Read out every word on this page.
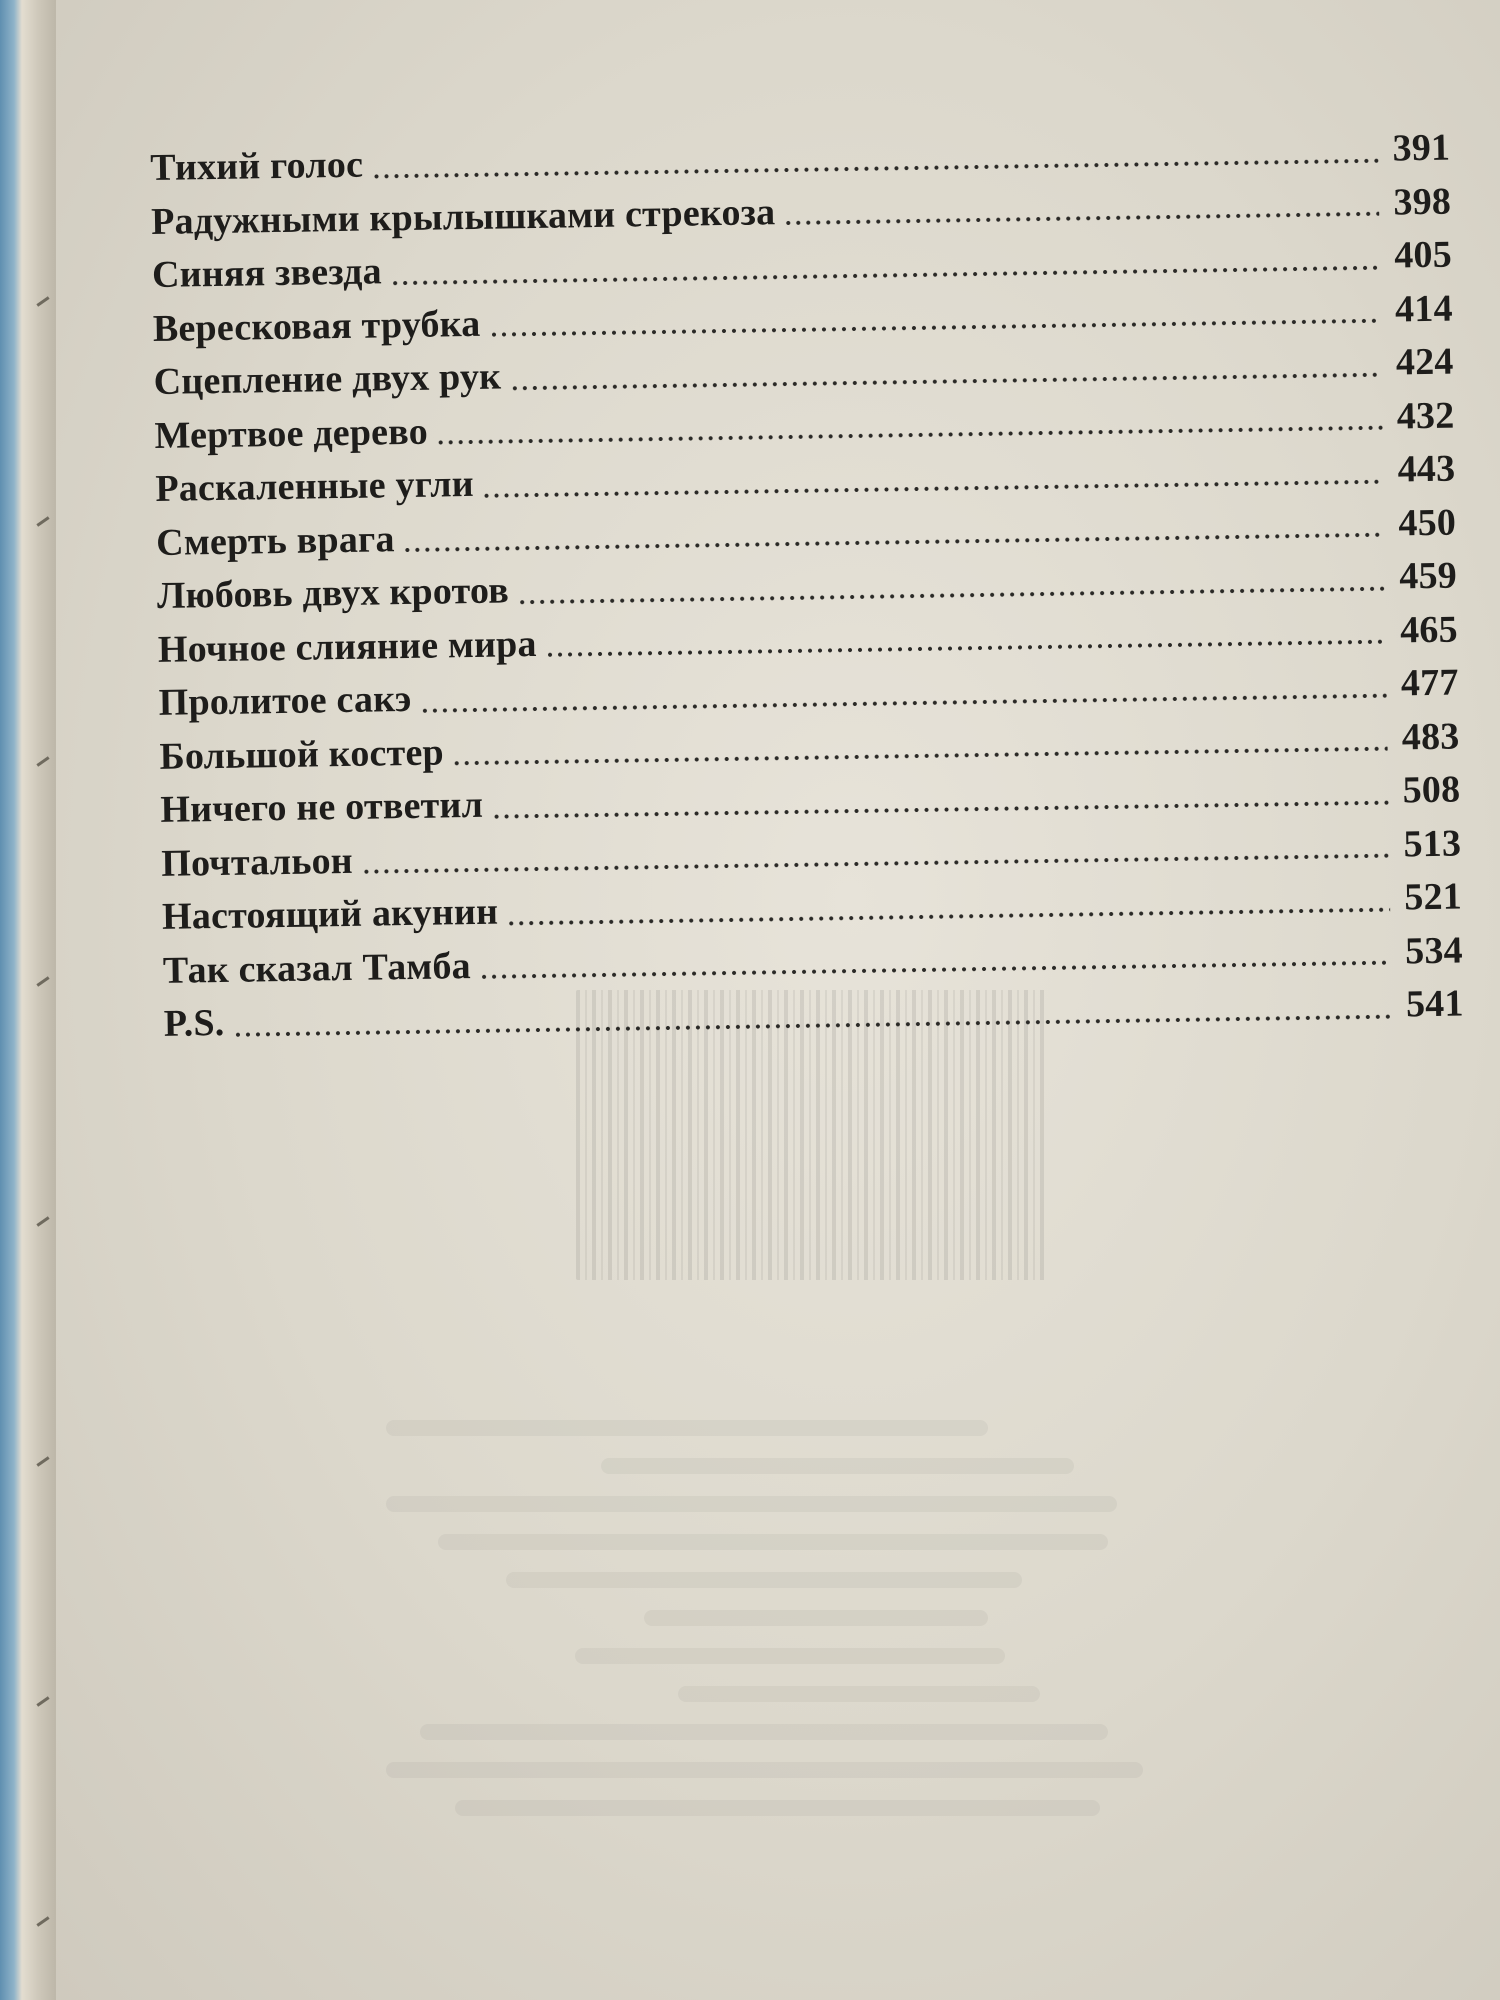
Тихий голос	391
Радужными крылышками стрекоза	398
Синяя звезда	405
Вересковая трубка	414
Сцепление двух рук	424
Мертвое дерево	432
Раскаленные угли	443
Смерть врага	450
Любовь двух кротов	459
Ночное слияние мира	465
Пролитое сакэ	477
Большой костер	483
Ничего не ответил	508
Почтальон	513
Настоящий акунин	521
Так сказал Тамба	534
P.S.	541
